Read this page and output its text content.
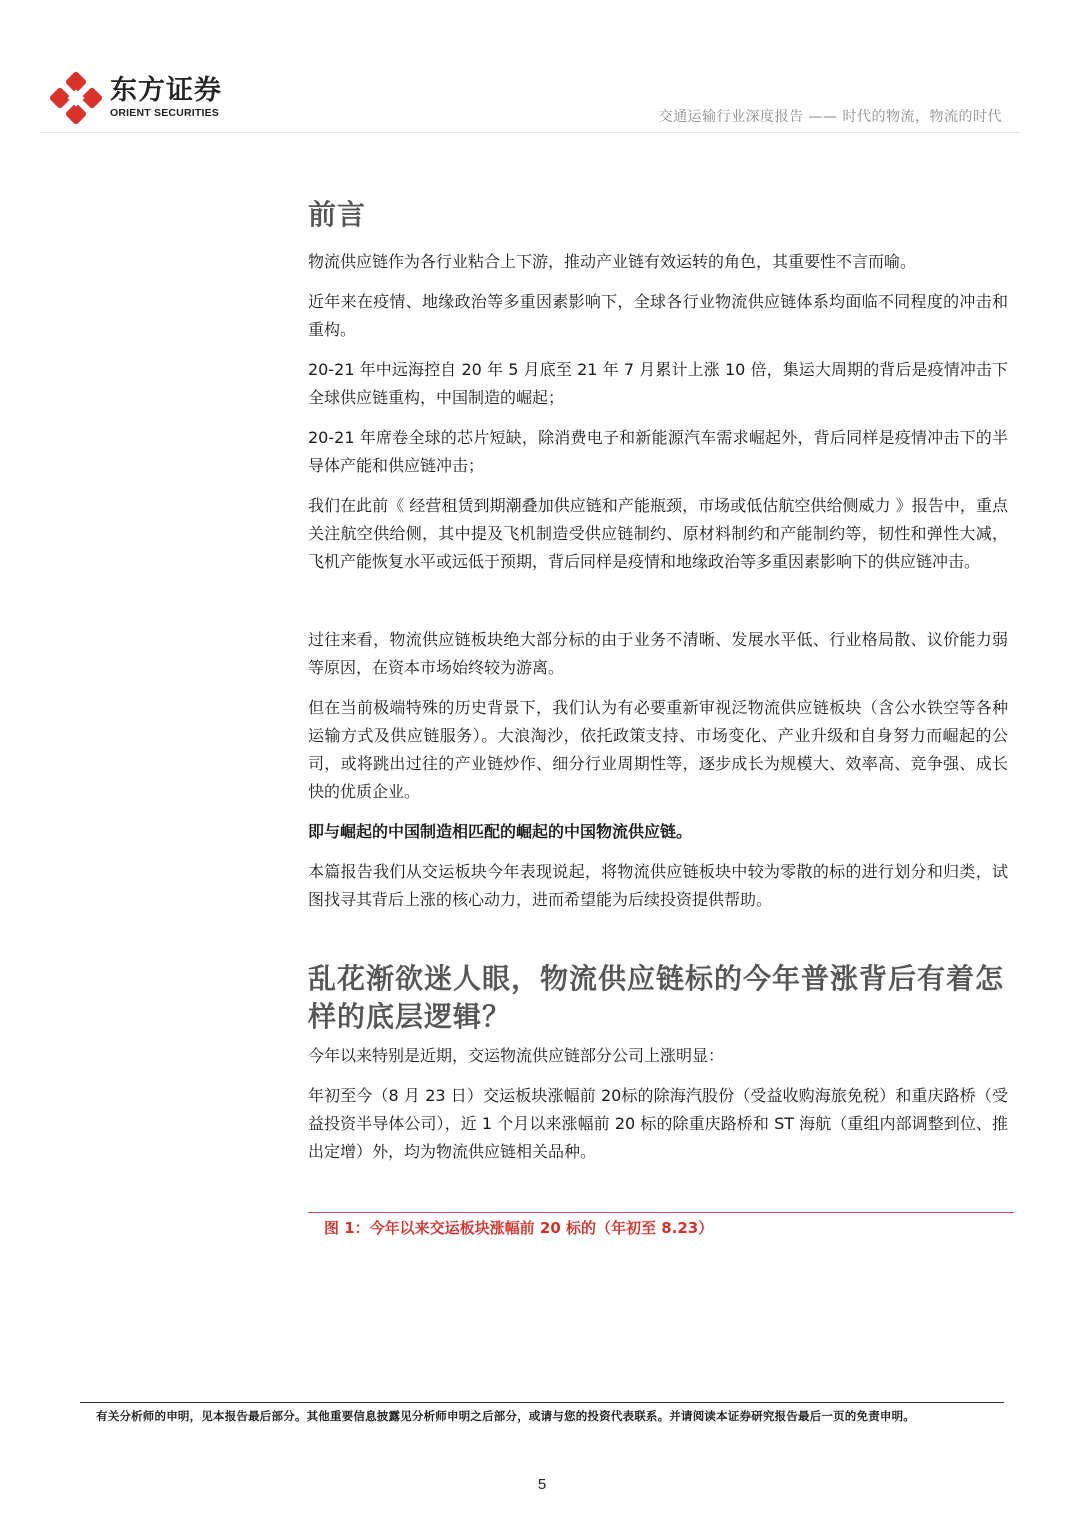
东方证券
ORIENT SECURITIES	交通运输行业深度报告 —— 时代的物流，物流的时代
前言

物流供应链作为各行业粘合上下游，推动产业链有效运转的角色，其重要性不言而喻。

近年来在疫情、地缘政治等多重因素影响下，全球各行业物流供应链体系均面临不同程度的冲击和重构。

20-21 年中远海控自 20 年 5 月底至 21 年 7 月累计上涨 10 倍，集运大周期的背后是疫情冲击下全球供应链重构，中国制造的崛起；

20-21 年席卷全球的芯片短缺，除消费电子和新能源汽车需求崛起外，背后同样是疫情冲击下的半导体产能和供应链冲击；

我们在此前《 经营租赁到期潮叠加供应链和产能瓶颈，市场或低估航空供给侧威力 》报告中，重点关注航空供给侧，其中提及飞机制造受供应链制约、原材料制约和产能制约等，韧性和弹性大减，飞机产能恢复水平或远低于预期，背后同样是疫情和地缘政治等多重因素影响下的供应链冲击。

过往来看，物流供应链板块绝大部分标的由于业务不清晰、发展水平低、行业格局散、议价能力弱等原因，在资本市场始终较为游离。

但在当前极端特殊的历史背景下，我们认为有必要重新审视泛物流供应链板块（含公水铁空等各种运输方式及供应链服务）。大浪淘沙，依托政策支持、市场变化、产业升级和自身努力而崛起的公司，或将跳出过往的产业链炒作、细分行业周期性等，逐步成长为规模大、效率高、竞争强、成长快的优质企业。

即与崛起的中国制造相匹配的崛起的中国物流供应链。

本篇报告我们从交运板块今年表现说起，将物流供应链板块中较为零散的标的进行划分和归类，试图找寻其背后上涨的核心动力，进而希望能为后续投资提供帮助。

乱花渐欲迷人眼，物流供应链标的今年普涨背后有着怎样的底层逻辑？

今年以来特别是近期，交运物流供应链部分公司上涨明显：

年初至今（8 月 23 日）交运板块涨幅前 20标的除海汽股份（受益收购海旅免税）和重庆路桥（受益投资半导体公司），近 1 个月以来涨幅前 20 标的除重庆路桥和 ST 海航（重组内部调整到位、推出定增）外，均为物流供应链相关品种。

图 1：今年以来交运板块涨幅前 20 标的（年初至 8.23）
有关分析师的申明，见本报告最后部分。其他重要信息披露见分析师申明之后部分，或请与您的投资代表联系。并请阅读本证券研究报告最后一页的免责申明。
5
